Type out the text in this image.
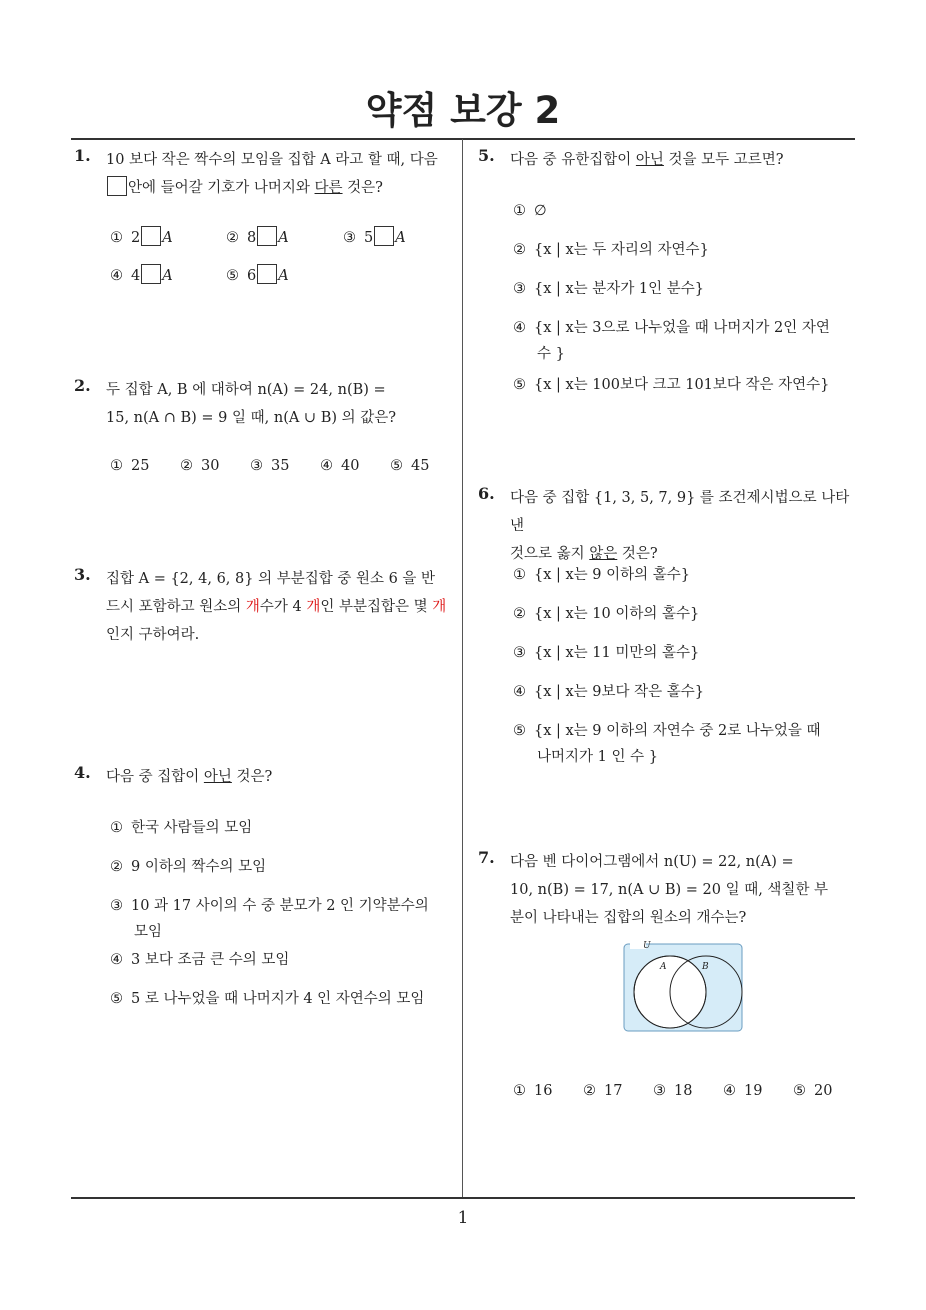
약점 보강 2
1
1. 10 보다 작은 짝수의 모임을 집합 A 라고 할 때, 다음
안에 들어갈 기호가 나머지와 다른 것은?
① 2 A	② 8 A	③ 5 A
④ 4 A	⑤ 6 A
2. 두 집합 A, B 에 대하여 n(A) = 24, n(B) =
15, n(A ∩ B) = 9 일 때, n(A ∪ B) 의 값은?
① 25 ② 30 ③ 35 ④ 40 ⑤ 45
3. 집합 A = {2, 4, 6, 8} 의 부분집합 중 원소 6 을 반
드시 포함하고 원소의 개수가 4 개인 부분집합은 몇 개
인지 구하여라.
4. 다음 중 집합이 아닌 것은?
① 한국 사람들의 모임
② 9 이하의 짝수의 모임
③ 10 과 17 사이의 수 중 분모가 2 인 기약분수의
모임
④ 3 보다 조금 큰 수의 모임
⑤ 5 로 나누었을 때 나머지가 4 인 자연수의 모임
5. 다음 중 유한집합이 아닌 것을 모두 고르면?
① ∅
② {x | x는 두 자리의 자연수}
③ {x | x는 분자가 1인 분수}
④ {x | x는 3으로 나누었을 때 나머지가 2인 자연
수 }
⑤ {x | x는 100보다 크고 101보다 작은 자연수}
6. 다음 중 집합 {1, 3, 5, 7, 9} 를 조건제시법으로 나타낸
것으로 옳지 않은 것은?
① {x | x는 9 이하의 홀수}
② {x | x는 10 이하의 홀수}
③ {x | x는 11 미만의 홀수}
④ {x | x는 9보다 작은 홀수}
⑤ {x | x는 9 이하의 자연수 중 2로 나누었을 때
나머지가 1 인 수 }
7. 다음 벤 다이어그램에서 n(U) = 22, n(A) =
10, n(B) = 17, n(A ∪ B) = 20 일 때, 색칠한 부
분이 나타내는 집합의 원소의 개수는?
U
A	B
① 16 ② 17 ③ 18 ④ 19 ⑤ 20
